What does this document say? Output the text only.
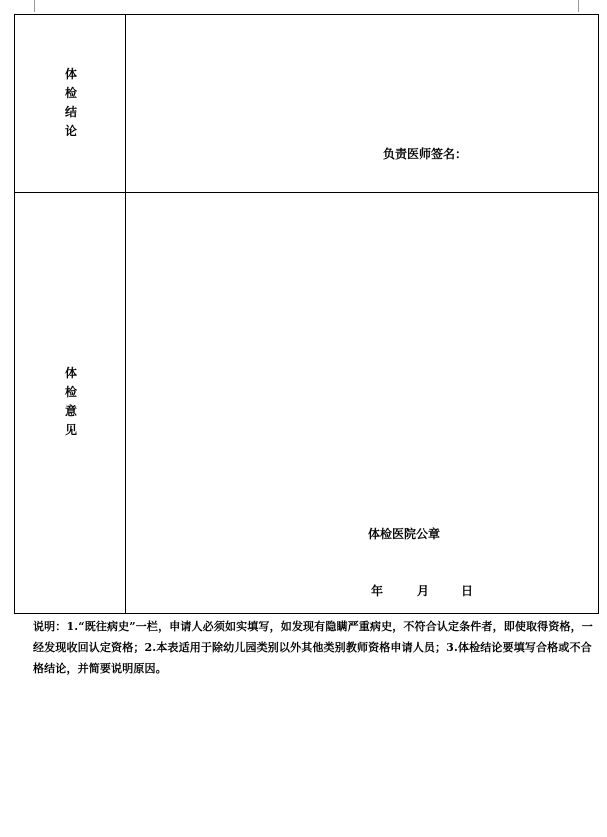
体检结论
负责医师签名：
体检意见
体检医院公章
年	月	日
说明：1.“既往病史”一栏，申请人必须如实填写，如发现有隐瞒严重病史，不符合认定条件者，即使取得资格，一经发现收回认定资格；2.本表适用于除幼儿园类别以外其他类别教师资格申请人员；3.体检结论要填写合格或不合格结论，并简要说明原因。
